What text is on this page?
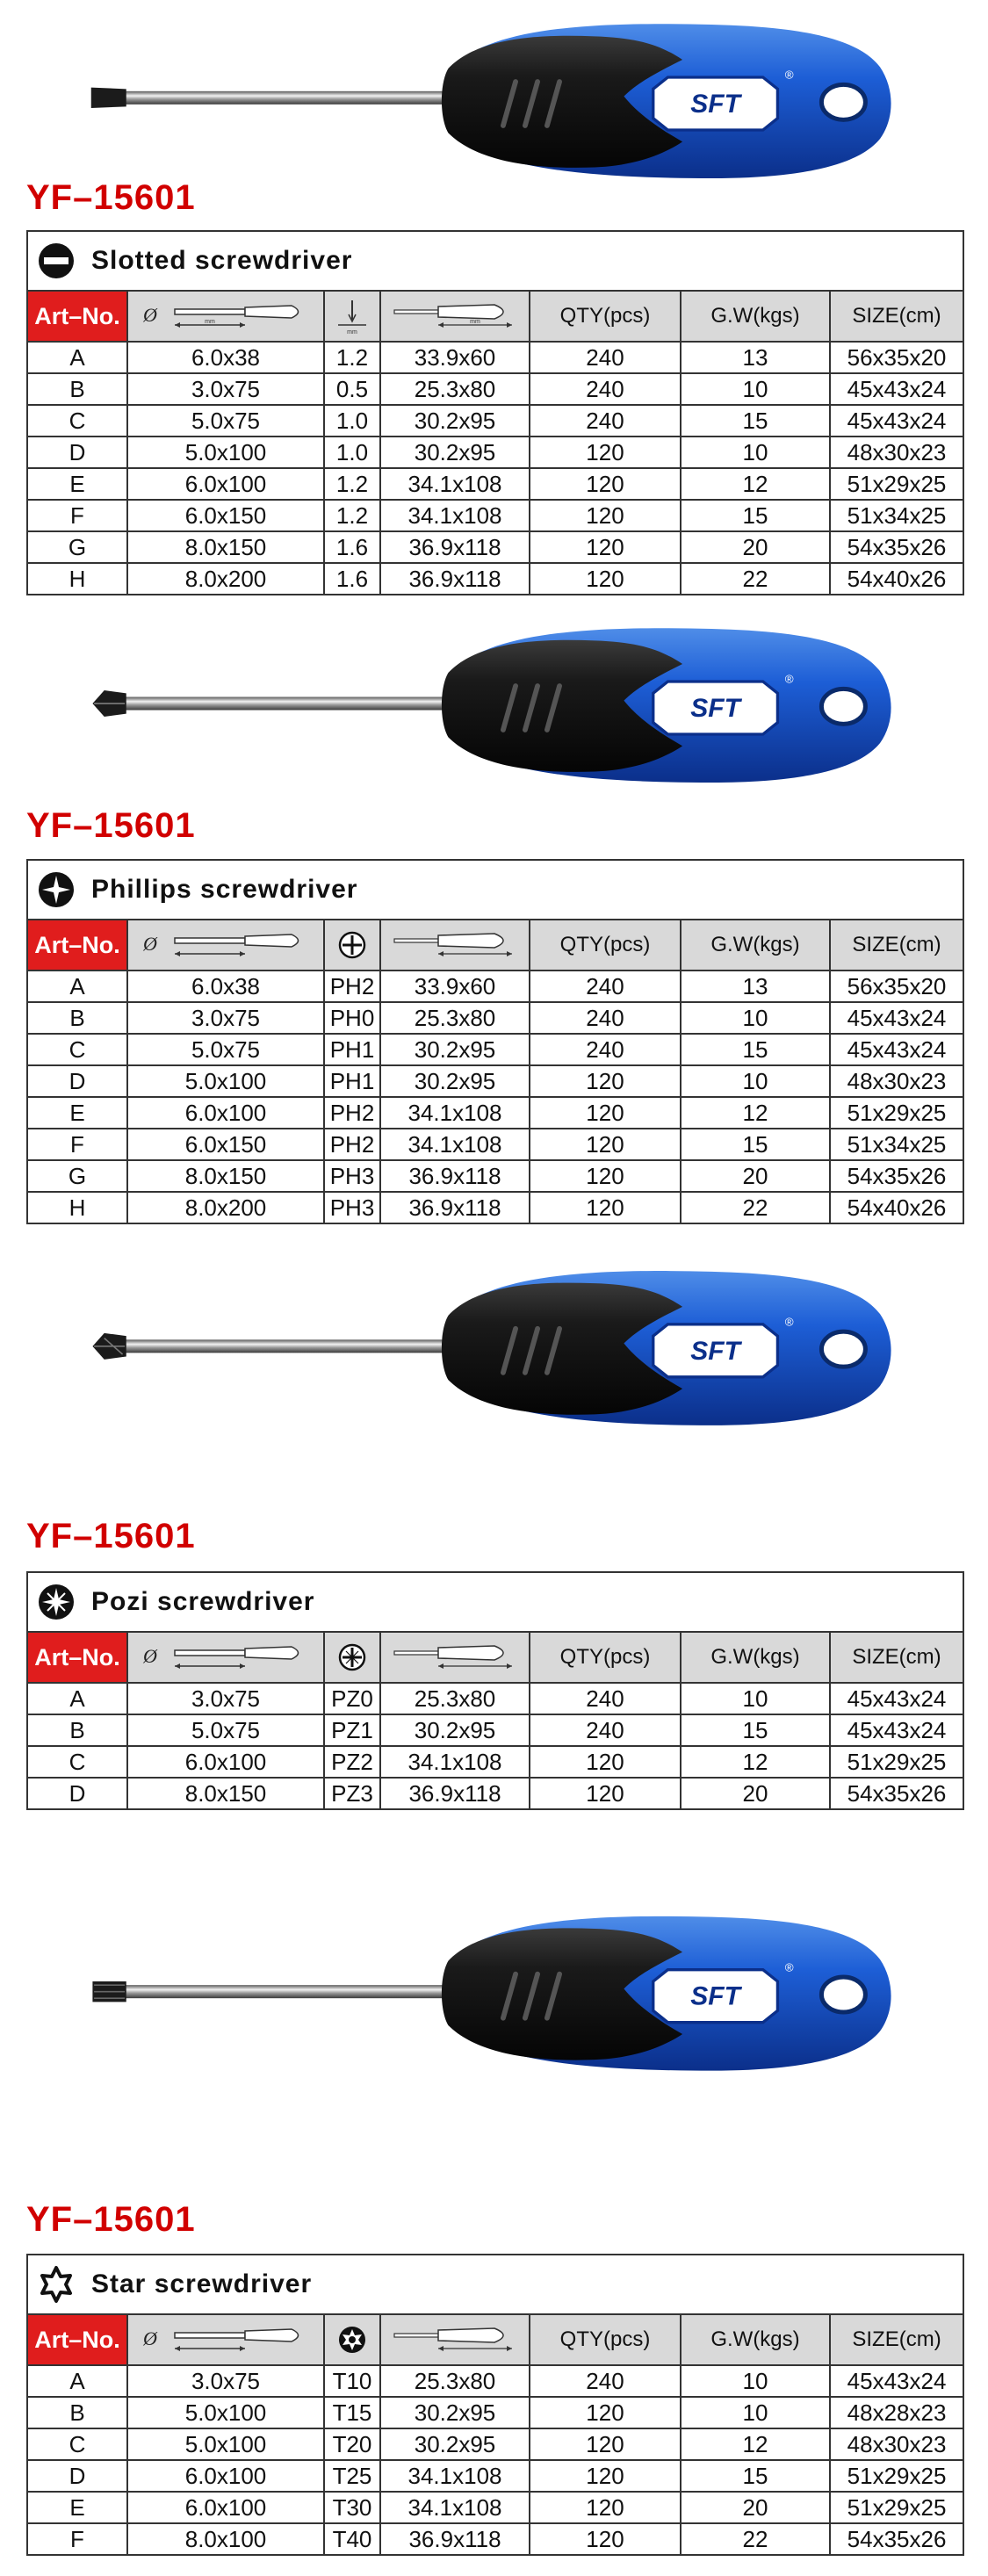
YF–15601
Slotted screwdriver						
Art–No.	Ø mm	mm	mm	QTY(pcs)	G.W(kgs)	SIZE(cm)
A	6.0x38	1.2	33.9x60	240	13	56x35x20
B	3.0x75	0.5	25.3x80	240	10	45x43x24
C	5.0x75	1.0	30.2x95	240	15	45x43x24
D	5.0x100	1.0	30.2x95	120	10	48x30x23
E	6.0x100	1.2	34.1x108	120	12	51x29x25
F	6.0x150	1.2	34.1x108	120	15	51x34x25
G	8.0x150	1.6	36.9x118	120	20	54x35x26
H	8.0x200	1.6	36.9x118	120	22	54x40x26
YF–15601
Phillips screwdriver						
Art–No.	Ø			QTY(pcs)	G.W(kgs)	SIZE(cm)
A	6.0x38	PH2	33.9x60	240	13	56x35x20
B	3.0x75	PH0	25.3x80	240	10	45x43x24
C	5.0x75	PH1	30.2x95	240	15	45x43x24
D	5.0x100	PH1	30.2x95	120	10	48x30x23
E	6.0x100	PH2	34.1x108	120	12	51x29x25
F	6.0x150	PH2	34.1x108	120	15	51x34x25
G	8.0x150	PH3	36.9x118	120	20	54x35x26
H	8.0x200	PH3	36.9x118	120	22	54x40x26
YF–15601
Pozi screwdriver						
Art–No.	Ø			QTY(pcs)	G.W(kgs)	SIZE(cm)
A	3.0x75	PZ0	25.3x80	240	10	45x43x24
B	5.0x75	PZ1	30.2x95	240	15	45x43x24
C	6.0x100	PZ2	34.1x108	120	12	51x29x25
D	8.0x150	PZ3	36.9x118	120	20	54x35x26
YF–15601
Star screwdriver						
Art–No.	Ø			QTY(pcs)	G.W(kgs)	SIZE(cm)
A	3.0x75	T10	25.3x80	240	10	45x43x24
B	5.0x100	T15	30.2x95	120	10	48x28x23
C	5.0x100	T20	30.2x95	120	12	48x30x23
D	6.0x100	T25	34.1x108	120	15	51x29x25
E	6.0x100	T30	34.1x108	120	20	51x29x25
F	8.0x100	T40	36.9x118	120	22	54x35x26
